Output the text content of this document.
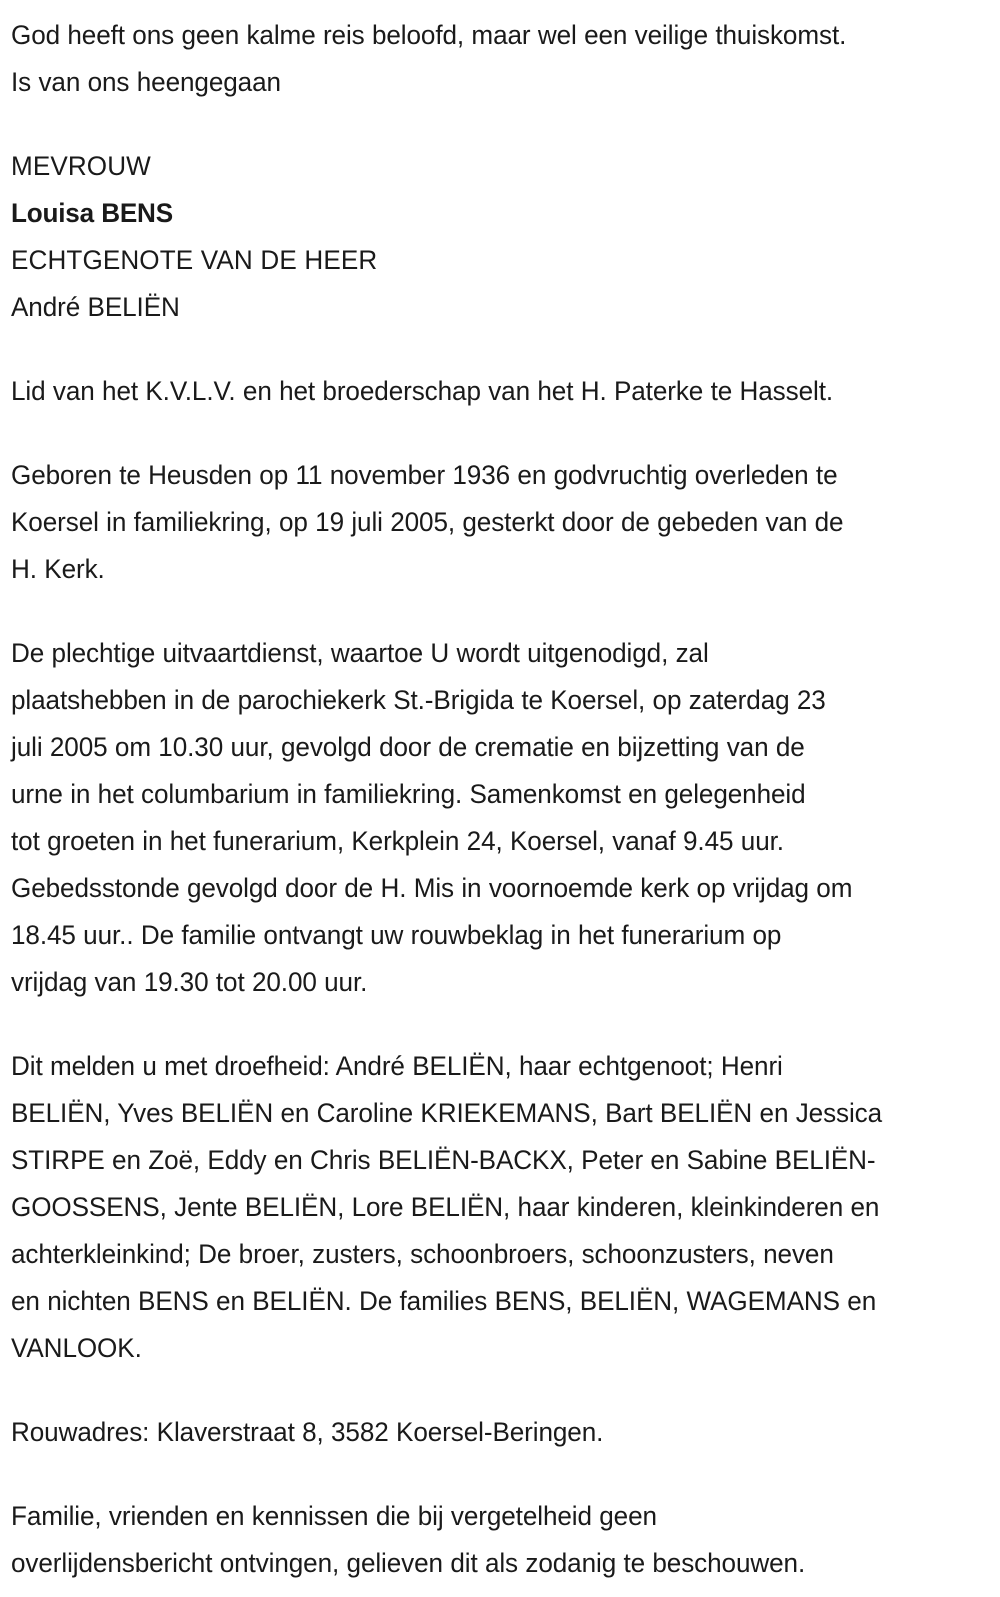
God heeft ons geen kalme reis beloofd, maar wel een veilige thuiskomst.
Is van ons heengegaan
MEVROUW
Louisa BENS
ECHTGENOTE VAN DE HEER
André BELIËN
Lid van het K.V.L.V. en het broederschap van het H. Paterke te Hasselt.
Geboren te Heusden op 11 november 1936 en godvruchtig overleden te
Koersel in familiekring, op 19 juli 2005, gesterkt door de gebeden van de
H. Kerk.
De plechtige uitvaartdienst, waartoe U wordt uitgenodigd, zal
plaatshebben in de parochiekerk St.-Brigida te Koersel, op zaterdag 23
juli 2005 om 10.30 uur, gevolgd door de crematie en bijzetting van de
urne in het columbarium in familiekring. Samenkomst en gelegenheid
tot groeten in het funerarium, Kerkplein 24, Koersel, vanaf 9.45 uur.
Gebedsstonde gevolgd door de H. Mis in voornoemde kerk op vrijdag om
18.45 uur.. De familie ontvangt uw rouwbeklag in het funerarium op
vrijdag van 19.30 tot 20.00 uur.
Dit melden u met droefheid: André BELIËN, haar echtgenoot; Henri
BELIËN, Yves BELIËN en Caroline KRIEKEMANS, Bart BELIËN en Jessica
STIRPE en Zoë, Eddy en Chris BELIËN-BACKX, Peter en Sabine BELIËN-
GOOSSENS, Jente BELIËN, Lore BELIËN, haar kinderen, kleinkinderen en
achterkleinkind; De broer, zusters, schoonbroers, schoonzusters, neven
en nichten BENS en BELIËN. De families BENS, BELIËN, WAGEMANS en
VANLOOK.
Rouwadres: Klaverstraat 8, 3582 Koersel-Beringen.
Familie, vrienden en kennissen die bij vergetelheid geen
overlijdensbericht ontvingen, gelieven dit als zodanig te beschouwen.
